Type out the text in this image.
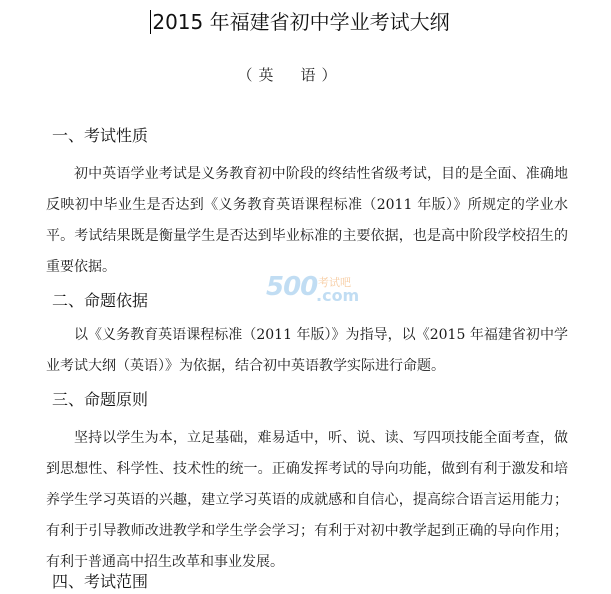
2015 年福建省初中学业考试大纲
（英　语）
一、考试性质

初中英语学业考试是义务教育初中阶段的终结性省级考试，目的是全面、准确地反映初中毕业生是否达到《义务教育英语课程标准（2011 年版）》所规定的学业水平。考试结果既是衡量学生是否达到毕业标准的主要依据，也是高中阶段学校招生的重要依据。

二、命题依据

以《义务教育英语课程标准（2011 年版）》为指导，以《2015 年福建省初中学业考试大纲（英语）》为依据，结合初中英语教学实际进行命题。

500 考试吧
.com
三、命题原则

坚持以学生为本，立足基础，难易适中，听、说、读、写四项技能全面考查，做到思想性、科学性、技术性的统一。正确发挥考试的导向功能，做到有利于激发和培养学生学习英语的兴趣，建立学习英语的成就感和自信心，提高综合语言运用能力；有利于引导教师改进教学和学生学会学习；有利于对初中教学起到正确的导向作用；有利于普通高中招生改革和事业发展。

四、考试范围
